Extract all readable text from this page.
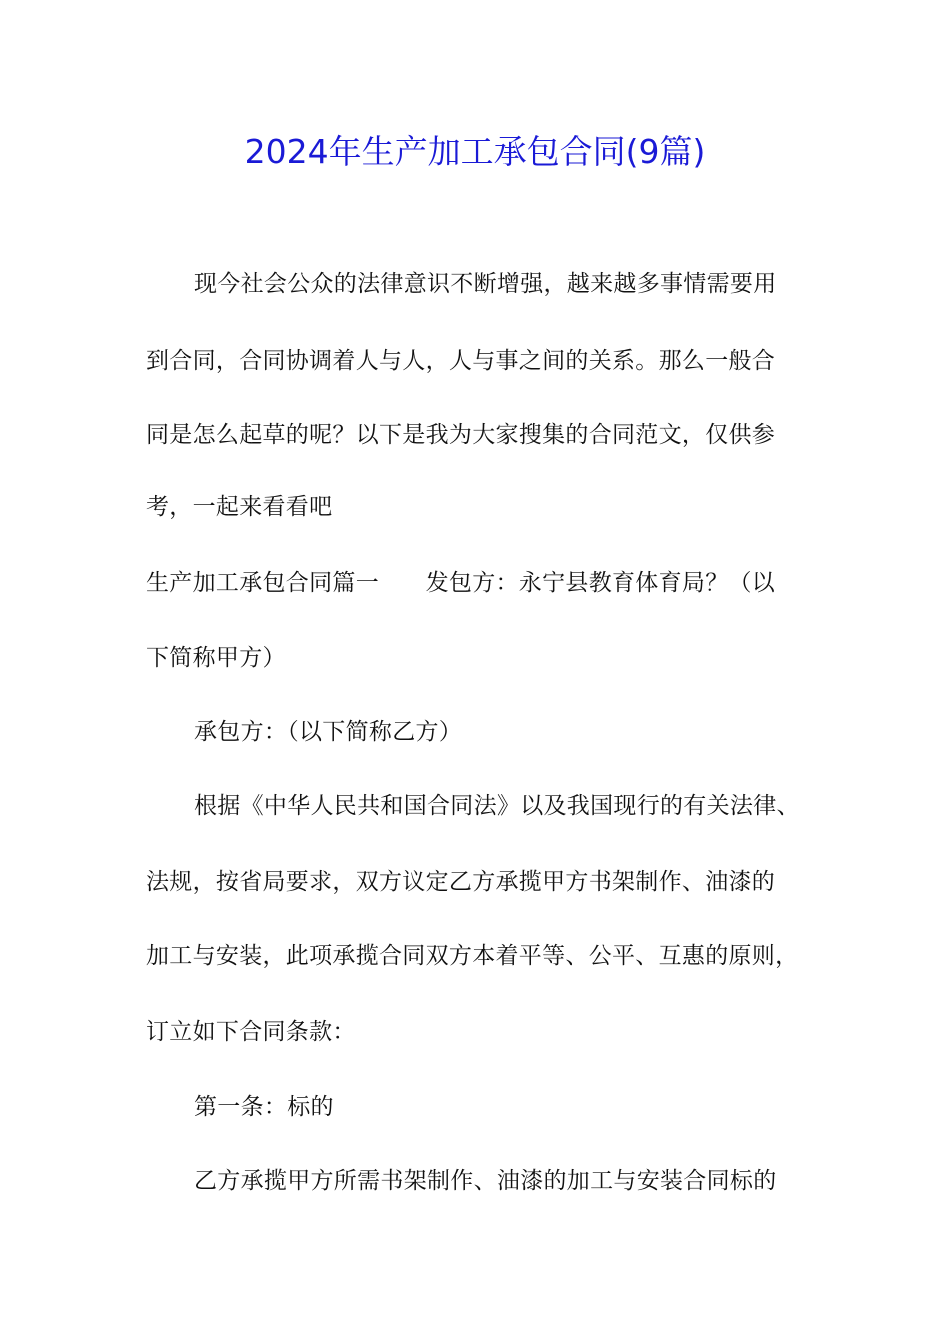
2024年生产加工承包合同(9篇)
现今社会公众的法律意识不断增强，越来越多事情需要用
到合同，合同协调着人与人，人与事之间的关系。那么一般合
同是怎么起草的呢？以下是我为大家搜集的合同范文，仅供参
考，一起来看看吧
生产加工承包合同篇一　　发包方：永宁县教育体育局？（以
下简称甲方）
承包方：（以下简称乙方）
根据《中华人民共和国合同法》以及我国现行的有关法律、
法规，按省局要求，双方议定乙方承揽甲方书架制作、油漆的
加工与安装，此项承揽合同双方本着平等、公平、互惠的原则，
订立如下合同条款：
第一条：标的
乙方承揽甲方所需书架制作、油漆的加工与安装合同标的
